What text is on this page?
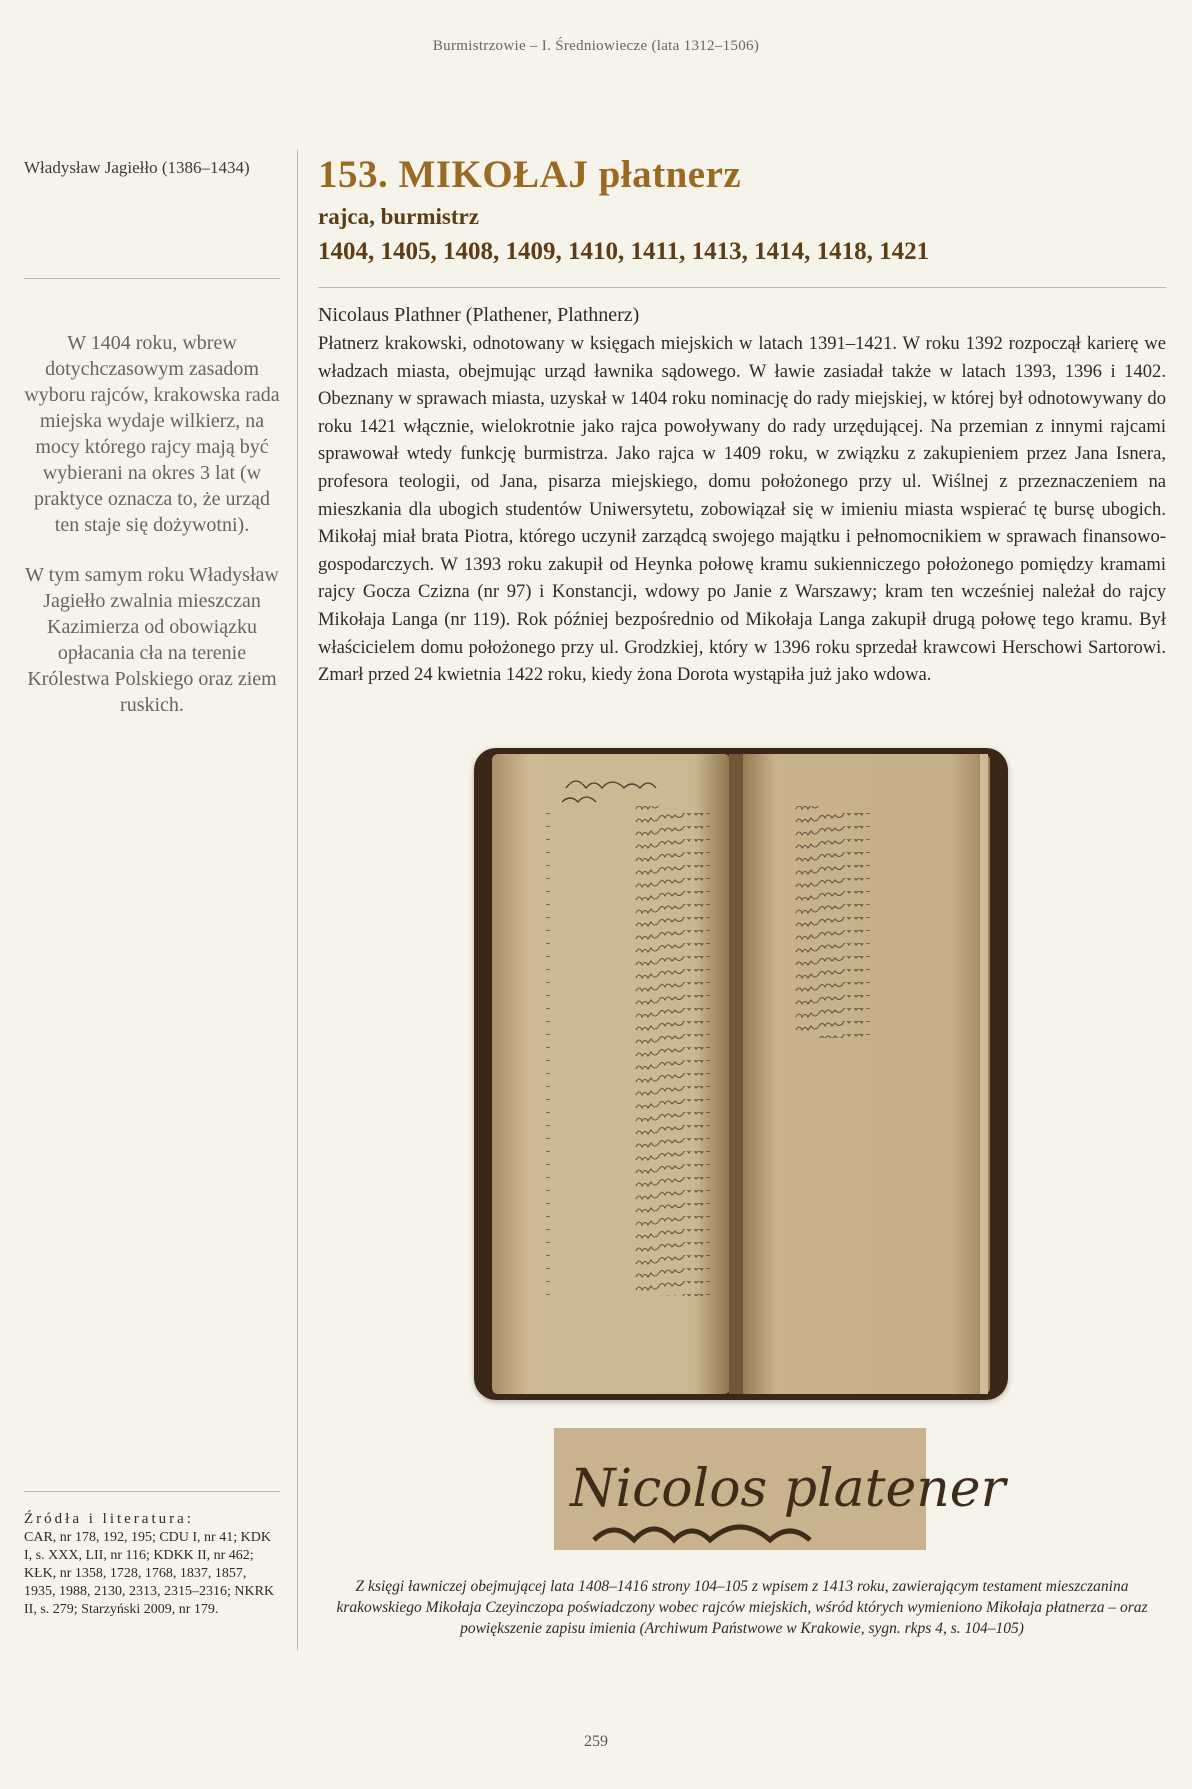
Burmistrzowie – I. Średniowiecze (lata 1312–1506)
Władysław Jagiełło (1386–1434)

W 1404 roku, wbrew dotychczasowym zasadom wyboru rajców, krakowska rada miejska wydaje wilkierz, na mocy którego rajcy mają być wybierani na okres 3 lat (w praktyce oznacza to, że urząd ten staje się dożywotni).

W tym samym roku Władysław Jagiełło zwalnia mieszczan Kazimierza od obowiązku opłacania cła na terenie Królestwa Polskiego oraz ziem ruskich.

Źródła i literatura:
CAR, nr 178, 192, 195; CDU I, nr 41; KDK I, s. XXX, LII, nr 116; KDKK II, nr 462; KŁK, nr 1358, 1728, 1768, 1837, 1857, 1935, 1988, 2130, 2313, 2315–2316; NKRK II, s. 279; Starzyński 2009, nr 179.
153. MIKOŁAJ płatnerz
rajca, burmistrz
1404, 1405, 1408, 1409, 1410, 1411, 1413, 1414, 1418, 1421
Nicolaus Plathner (Plathener, Plathnerz)

Płatnerz krakowski, odnotowany w księgach miejskich w latach 1391–1421. W roku 1392 rozpoczął karierę we władzach miasta, obejmując urząd ławnika sądowego. W ławie zasiadał także w latach 1393, 1396 i 1402. Obeznany w sprawach miasta, uzyskał w 1404 roku nominację do rady miejskiej, w której był odnotowywany do roku 1421 włącznie, wielokrotnie jako rajca powoływany do rady urzędującej. Na przemian z innymi rajcami sprawował wtedy funkcję burmistrza. Jako rajca w 1409 roku, w związku z zakupieniem przez Jana Isnera, profesora teologii, od Jana, pisarza miejskiego, domu położonego przy ul. Wiślnej z przeznaczeniem na mieszkania dla ubogich studentów Uniwersytetu, zobowiązał się w imieniu miasta wspierać tę bursę ubogich. Mikołaj miał brata Piotra, którego uczynił zarządcą swojego majątku i pełnomocnikiem w sprawach finansowo-gospodarczych. W 1393 roku zakupił od Heynka połowę kramu sukienniczego położonego pomiędzy kramami rajcy Gocza Czizna (nr 97) i Konstancji, wdowy po Janie z Warszawy; kram ten wcześniej należał do rajcy Mikołaja Langa (nr 119). Rok później bezpośrednio od Mikołaja Langa zakupił drugą połowę tego kramu. Był właścicielem domu położonego przy ul. Grodzkiej, który w 1396 roku sprzedał krawcowi Herschowi Sartorowi. Zmarł przed 24 kwietnia 1422 roku, kiedy żona Dorota wystąpiła już jako wdowa.

Nicolos platener

Z księgi ławniczej obejmującej lata 1408–1416 strony 104–105 z wpisem z 1413 roku, zawierającym testament mieszczanina krakowskiego Mikołaja Czeyinczopa poświadczony wobec rajców miejskich, wśród których wymieniono Mikołaja płatnerza – oraz powiększenie zapisu imienia (Archiwum Państwowe w Krakowie, sygn. rkps 4, s. 104–105)

259
